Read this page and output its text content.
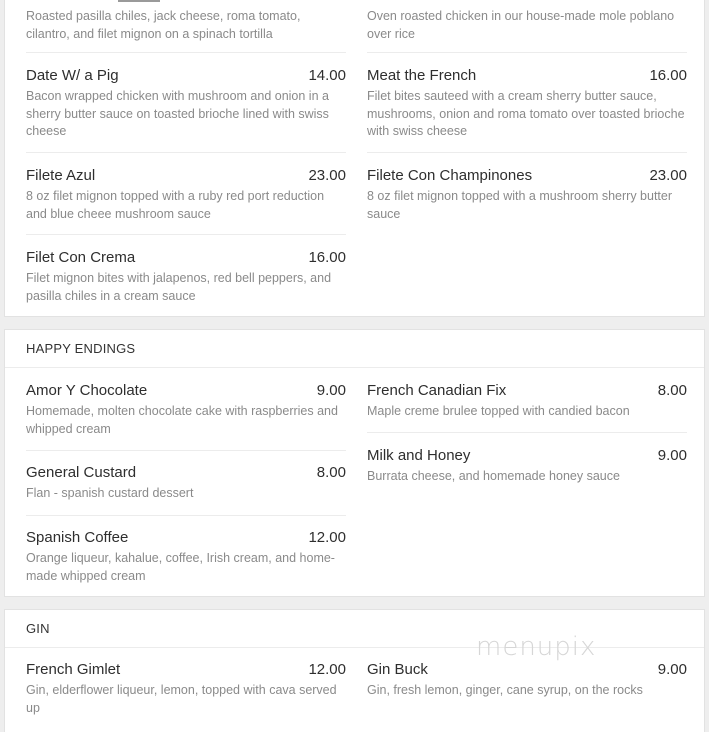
Roasted pasilla chiles, jack cheese, roma tomato, cilantro, and filet mignon on a spinach tortilla
Oven roasted chicken in our house-made mole poblano over rice
Date W/ a Pig	14.00
Bacon wrapped chicken with mushroom and onion in a sherry butter sauce on toasted brioche lined with swiss cheese
Meat the French	16.00
Filet bites sauteed with a cream sherry butter sauce, mushrooms, onion and roma tomato over toasted brioche with swiss cheese
Filete Azul	23.00
8 oz filet mignon topped with a ruby red port reduction and blue cheee mushroom sauce
Filete Con Champinones	23.00
8 oz filet mignon topped with a mushroom sherry butter sauce
Filet Con Crema	16.00
Filet mignon bites with jalapenos, red bell peppers, and pasilla chiles in a cream sauce
HAPPY ENDINGS
Amor Y Chocolate	9.00
Homemade, molten chocolate cake with raspberries and whipped cream
French Canadian Fix	8.00
Maple creme brulee topped with candied bacon
Milk and Honey	9.00
Burrata cheese, and homemade honey sauce
General Custard	8.00
Flan - spanish custard dessert
Spanish Coffee	12.00
Orange liqueur, kahalue, coffee, Irish cream, and home-made whipped cream
GIN
French Gimlet	12.00
Gin, elderflower liqueur, lemon, topped with cava served up
Gin Buck	9.00
Gin, fresh lemon, ginger, cane syrup, on the rocks
menupix
